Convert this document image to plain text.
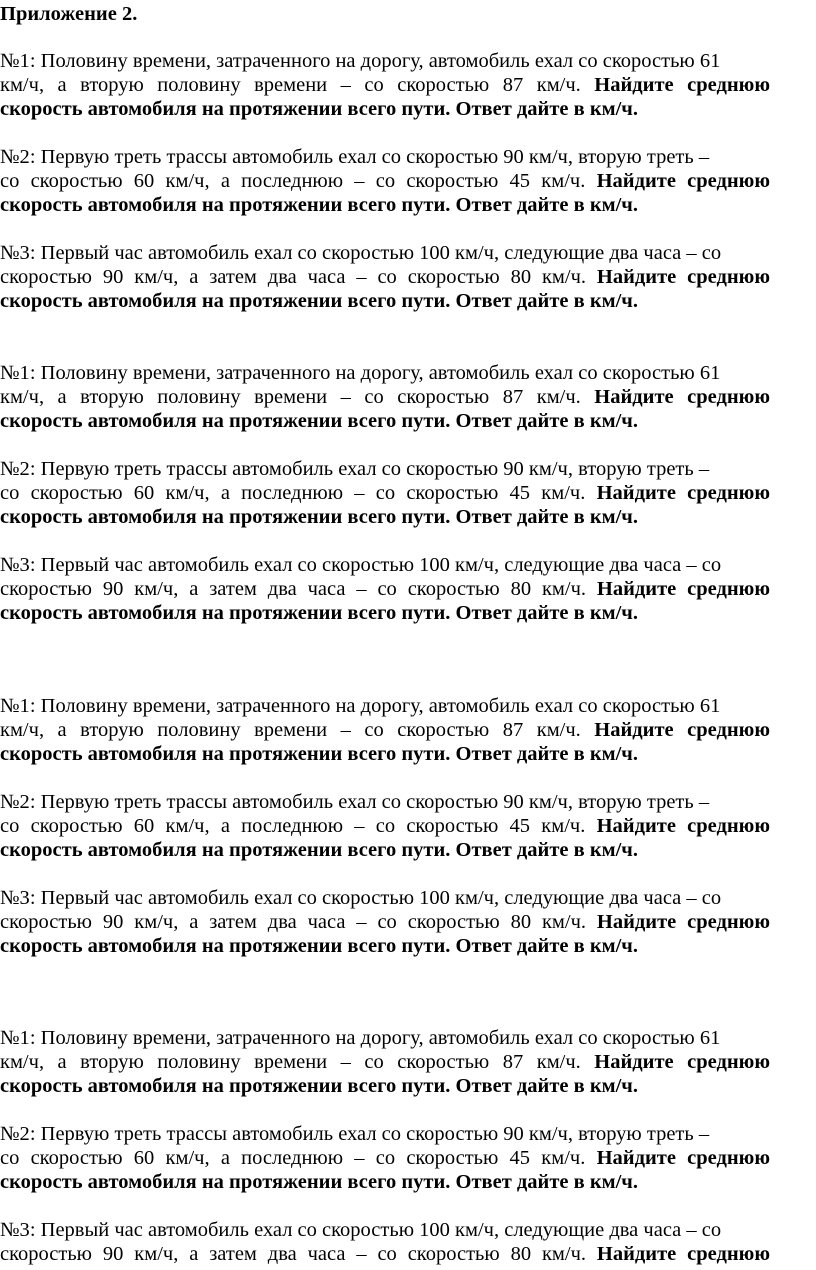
Приложение 2.
№1: Половину времени, затраченного на дорогу, автомобиль ехал со скоростью 61
км/ч, а вторую половину времени – со скоростью 87 км/ч. Найдите среднюю
скорость автомобиля на протяжении всего пути. Ответ дайте в км/ч.
№2: Первую треть трассы автомобиль ехал со скоростью 90 км/ч, вторую треть –
со скоростью 60 км/ч, а последнюю – со скоростью 45 км/ч. Найдите среднюю
скорость автомобиля на протяжении всего пути. Ответ дайте в км/ч.
№3: Первый час автомобиль ехал со скоростью 100 км/ч, следующие два часа – со
скоростью 90 км/ч, а затем два часа – со скоростью 80 км/ч. Найдите среднюю
скорость автомобиля на протяжении всего пути. Ответ дайте в км/ч.
№1: Половину времени, затраченного на дорогу, автомобиль ехал со скоростью 61
км/ч, а вторую половину времени – со скоростью 87 км/ч. Найдите среднюю
скорость автомобиля на протяжении всего пути. Ответ дайте в км/ч.
№2: Первую треть трассы автомобиль ехал со скоростью 90 км/ч, вторую треть –
со скоростью 60 км/ч, а последнюю – со скоростью 45 км/ч. Найдите среднюю
скорость автомобиля на протяжении всего пути. Ответ дайте в км/ч.
№3: Первый час автомобиль ехал со скоростью 100 км/ч, следующие два часа – со
скоростью 90 км/ч, а затем два часа – со скоростью 80 км/ч. Найдите среднюю
скорость автомобиля на протяжении всего пути. Ответ дайте в км/ч.
№1: Половину времени, затраченного на дорогу, автомобиль ехал со скоростью 61
км/ч, а вторую половину времени – со скоростью 87 км/ч. Найдите среднюю
скорость автомобиля на протяжении всего пути. Ответ дайте в км/ч.
№2: Первую треть трассы автомобиль ехал со скоростью 90 км/ч, вторую треть –
со скоростью 60 км/ч, а последнюю – со скоростью 45 км/ч. Найдите среднюю
скорость автомобиля на протяжении всего пути. Ответ дайте в км/ч.
№3: Первый час автомобиль ехал со скоростью 100 км/ч, следующие два часа – со
скоростью 90 км/ч, а затем два часа – со скоростью 80 км/ч. Найдите среднюю
скорость автомобиля на протяжении всего пути. Ответ дайте в км/ч.
№1: Половину времени, затраченного на дорогу, автомобиль ехал со скоростью 61
км/ч, а вторую половину времени – со скоростью 87 км/ч. Найдите среднюю
скорость автомобиля на протяжении всего пути. Ответ дайте в км/ч.
№2: Первую треть трассы автомобиль ехал со скоростью 90 км/ч, вторую треть –
со скоростью 60 км/ч, а последнюю – со скоростью 45 км/ч. Найдите среднюю
скорость автомобиля на протяжении всего пути. Ответ дайте в км/ч.
№3: Первый час автомобиль ехал со скоростью 100 км/ч, следующие два часа – со
скоростью 90 км/ч, а затем два часа – со скоростью 80 км/ч. Найдите среднюю
